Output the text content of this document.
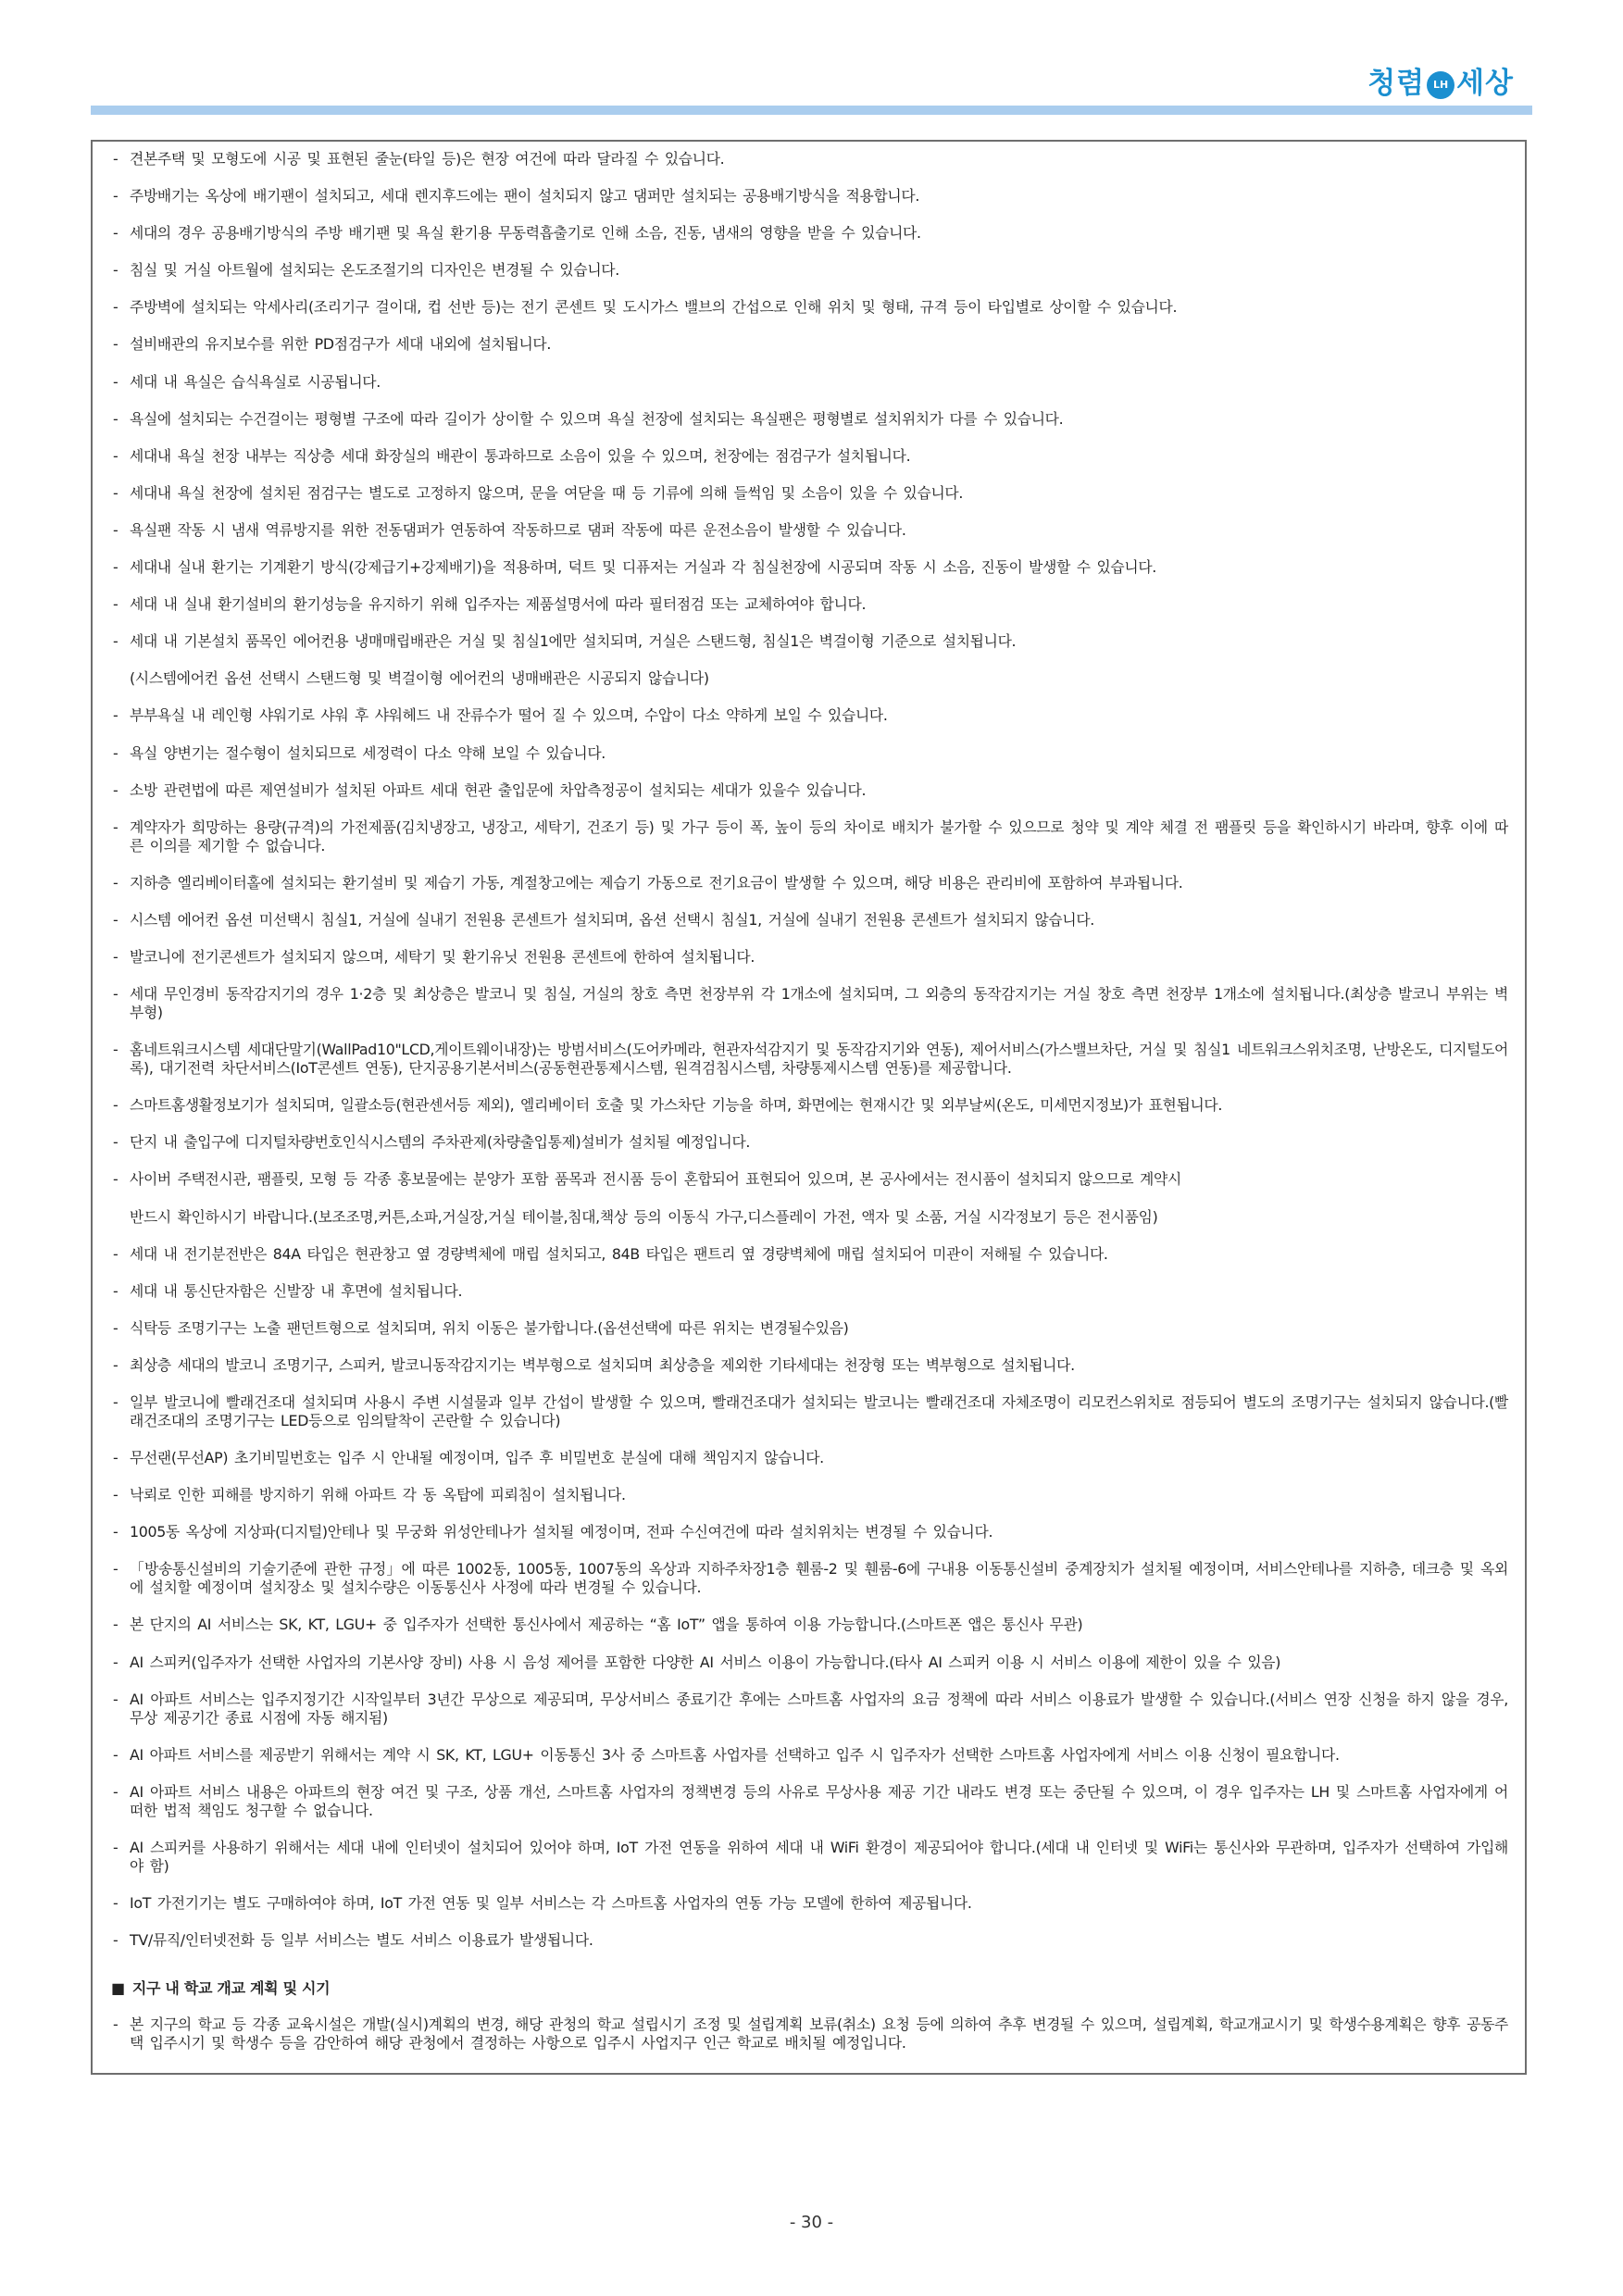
청렴 LH 세상
- 견본주택 및 모형도에 시공 및 표현된 줄눈(타일 등)은 현장 여건에 따라 달라질 수 있습니다.
- 주방배기는 옥상에 배기팬이 설치되고, 세대 렌지후드에는 팬이 설치되지 않고 댐퍼만 설치되는 공용배기방식을 적용합니다.
- 세대의 경우 공용배기방식의 주방 배기팬 및 욕실 환기용 무동력흡출기로 인해 소음, 진동, 냄새의 영향을 받을 수 있습니다.
- 침실 및 거실 아트월에 설치되는 온도조절기의 디자인은 변경될 수 있습니다.
- 주방벽에 설치되는 악세사리(조리기구 걸이대, 컵 선반 등)는 전기 콘센트 및 도시가스 밸브의 간섭으로 인해 위치 및 형태, 규격 등이 타입별로 상이할 수 있습니다.
- 설비배관의 유지보수를 위한 PD점검구가 세대 내외에 설치됩니다.
- 세대 내 욕실은 습식욕실로 시공됩니다.
- 욕실에 설치되는 수건걸이는 평형별 구조에 따라 길이가 상이할 수 있으며 욕실 천장에 설치되는 욕실팬은 평형별로 설치위치가 다를 수 있습니다.
- 세대내 욕실 천장 내부는 직상층 세대 화장실의 배관이 통과하므로 소음이 있을 수 있으며, 천장에는 점검구가 설치됩니다.
- 세대내 욕실 천장에 설치된 점검구는 별도로 고정하지 않으며, 문을 여닫을 때 등 기류에 의해 들썩임 및 소음이 있을 수 있습니다.
- 욕실팬 작동 시 냄새 역류방지를 위한 전동댐퍼가 연동하여 작동하므로 댐퍼 작동에 따른 운전소음이 발생할 수 있습니다.
- 세대내 실내 환기는 기계환기 방식(강제급기+강제배기)을 적용하며, 덕트 및 디퓨저는 거실과 각 침실천장에 시공되며 작동 시 소음, 진동이 발생할 수 있습니다.
- 세대 내 실내 환기설비의 환기성능을 유지하기 위해 입주자는 제품설명서에 따라 필터점검 또는 교체하여야 합니다.
- 세대 내 기본설치 품목인 에어컨용 냉매매립배관은 거실 및 침실1에만 설치되며, 거실은 스탠드형, 침실1은 벽걸이형 기준으로 설치됩니다.
(시스템에어컨 옵션 선택시 스탠드형 및 벽걸이형 에어컨의 냉매배관은 시공되지 않습니다)
- 부부욕실 내 레인형 샤워기로 샤워 후 샤워헤드 내 잔류수가 떨어 질 수 있으며, 수압이 다소 약하게 보일 수 있습니다.
- 욕실 양변기는 절수형이 설치되므로 세정력이 다소 약해 보일 수 있습니다.
- 소방 관련법에 따른 제연설비가 설치된 아파트 세대 현관 출입문에 차압측정공이 설치되는 세대가 있을수 있습니다.
- 계약자가 희망하는 용량(규격)의 가전제품(김치냉장고, 냉장고, 세탁기, 건조기 등) 및 가구 등이 폭, 높이 등의 차이로 배치가 불가할 수 있으므로 청약 및 계약 체결 전 팸플릿 등을 확인하시기 바라며, 향후 이에 따른 이의를 제기할 수 없습니다.
- 지하층 엘리베이터홀에 설치되는 환기설비 및 제습기 가동, 계절창고에는 제습기 가동으로 전기요금이 발생할 수 있으며, 해당 비용은 관리비에 포함하여 부과됩니다.
- 시스템 에어컨 옵션 미선택시 침실1, 거실에 실내기 전원용 콘센트가 설치되며, 옵션 선택시 침실1, 거실에 실내기 전원용 콘센트가 설치되지 않습니다.
- 발코니에 전기콘센트가 설치되지 않으며, 세탁기 및 환기유닛 전원용 콘센트에 한하여 설치됩니다.
- 세대 무인경비 동작감지기의 경우 1·2층 및 최상층은 발코니 및 침실, 거실의 창호 측면 천장부위 각 1개소에 설치되며, 그 외층의 동작감지기는 거실 창호 측면 천장부 1개소에 설치됩니다.(최상층 발코니 부위는 벽부형)
- 홈네트워크시스템 세대단말기(WallPad10"LCD,게이트웨이내장)는 방범서비스(도어카메라, 현관자석감지기 및 동작감지기와 연동), 제어서비스(가스밸브차단, 거실 및 침실1 네트워크스위치조명, 난방온도, 디지털도어록), 대기전력 차단서비스(IoT콘센트 연동), 단지공용기본서비스(공동현관통제시스템, 원격검침시스템, 차량통제시스템 연동)를 제공합니다.
- 스마트홈생활정보기가 설치되며, 일괄소등(현관센서등 제외), 엘리베이터 호출 및 가스차단 기능을 하며, 화면에는 현재시간 및 외부날씨(온도, 미세먼지정보)가 표현됩니다.
- 단지 내 출입구에 디지털차량번호인식시스템의 주차관제(차량출입통제)설비가 설치될 예정입니다.
- 사이버 주택전시관, 팸플릿, 모형 등 각종 홍보물에는 분양가 포함 품목과 전시품 등이 혼합되어 표현되어 있으며, 본 공사에서는 전시품이 설치되지 않으므로 계약시
반드시 확인하시기 바랍니다.(보조조명,커튼,소파,거실장,거실 테이블,침대,책상 등의 이동식 가구,디스플레이 가전, 액자 및 소품, 거실 시각정보기 등은 전시품임)
- 세대 내 전기분전반은 84A 타입은 현관창고 옆 경량벽체에 매립 설치되고, 84B 타입은 팬트리 옆 경량벽체에 매립 설치되어 미관이 저해될 수 있습니다.
- 세대 내 통신단자함은 신발장 내 후면에 설치됩니다.
- 식탁등 조명기구는 노출 팬던트형으로 설치되며, 위치 이동은 불가합니다.(옵션선택에 따른 위치는 변경될수있음)
- 최상층 세대의 발코니 조명기구, 스피커, 발코니동작감지기는 벽부형으로 설치되며 최상층을 제외한 기타세대는 천장형 또는 벽부형으로 설치됩니다.
- 일부 발코니에 빨래건조대 설치되며 사용시 주변 시설물과 일부 간섭이 발생할 수 있으며, 빨래건조대가 설치되는 발코니는 빨래건조대 자체조명이 리모컨스위치로 점등되어 별도의 조명기구는 설치되지 않습니다.(빨래건조대의 조명기구는 LED등으로 임의탈착이 곤란할 수 있습니다)
- 무선랜(무선AP) 초기비밀번호는 입주 시 안내될 예정이며, 입주 후 비밀번호 분실에 대해 책임지지 않습니다.
- 낙뢰로 인한 피해를 방지하기 위해 아파트 각 동 옥탑에 피뢰침이 설치됩니다.
- 1005동 옥상에 지상파(디지털)안테나 및 무궁화 위성안테나가 설치될 예정이며, 전파 수신여건에 따라 설치위치는 변경될 수 있습니다.
- 「방송통신설비의 기술기준에 관한 규정」에 따른 1002동, 1005동, 1007동의 옥상과 지하주차장1층 휀룸-2 및 휀룸-6에 구내용 이동통신설비 중계장치가 설치될 예정이며, 서비스안테나를 지하층, 데크층 및 옥외에 설치할 예정이며 설치장소 및 설치수량은 이동통신사 사정에 따라 변경될 수 있습니다.
- 본 단지의 AI 서비스는 SK, KT, LGU+ 중 입주자가 선택한 통신사에서 제공하는 “홈 IoT” 앱을 통하여 이용 가능합니다.(스마트폰 앱은 통신사 무관)
- AI 스피커(입주자가 선택한 사업자의 기본사양 장비) 사용 시 음성 제어를 포함한 다양한 AI 서비스 이용이 가능합니다.(타사 AI 스피커 이용 시 서비스 이용에 제한이 있을 수 있음)
- AI 아파트 서비스는 입주지정기간 시작일부터 3년간 무상으로 제공되며, 무상서비스 종료기간 후에는 스마트홈 사업자의 요금 정책에 따라 서비스 이용료가 발생할 수 있습니다.(서비스 연장 신청을 하지 않을 경우, 무상 제공기간 종료 시점에 자동 해지됨)
- AI 아파트 서비스를 제공받기 위해서는 계약 시 SK, KT, LGU+ 이동통신 3사 중 스마트홈 사업자를 선택하고 입주 시 입주자가 선택한 스마트홈 사업자에게 서비스 이용 신청이 필요합니다.
- AI 아파트 서비스 내용은 아파트의 현장 여건 및 구조, 상품 개선, 스마트홈 사업자의 정책변경 등의 사유로 무상사용 제공 기간 내라도 변경 또는 중단될 수 있으며, 이 경우 입주자는 LH 및 스마트홈 사업자에게 어떠한 법적 책임도 청구할 수 없습니다.
- AI 스피커를 사용하기 위해서는 세대 내에 인터넷이 설치되어 있어야 하며, IoT 가전 연동을 위하여 세대 내 WiFi 환경이 제공되어야 합니다.(세대 내 인터넷 및 WiFi는 통신사와 무관하며, 입주자가 선택하여 가입해야 함)
- IoT 가전기기는 별도 구매하여야 하며, IoT 가전 연동 및 일부 서비스는 각 스마트홈 사업자의 연동 가능 모델에 한하여 제공됩니다.
- TV/뮤직/인터넷전화 등 일부 서비스는 별도 서비스 이용료가 발생됩니다.
■ 지구 내 학교 개교 계획 및 시기
- 본 지구의 학교 등 각종 교육시설은 개발(실시)계획의 변경, 해당 관청의 학교 설립시기 조정 및 설립계획 보류(취소) 요청 등에 의하여 추후 변경될 수 있으며, 설립계획, 학교개교시기 및 학생수용계획은 향후 공동주택 입주시기 및 학생수 등을 감안하여 해당 관청에서 결정하는 사항으로 입주시 사업지구 인근 학교로 배치될 예정입니다.
- 30 -
